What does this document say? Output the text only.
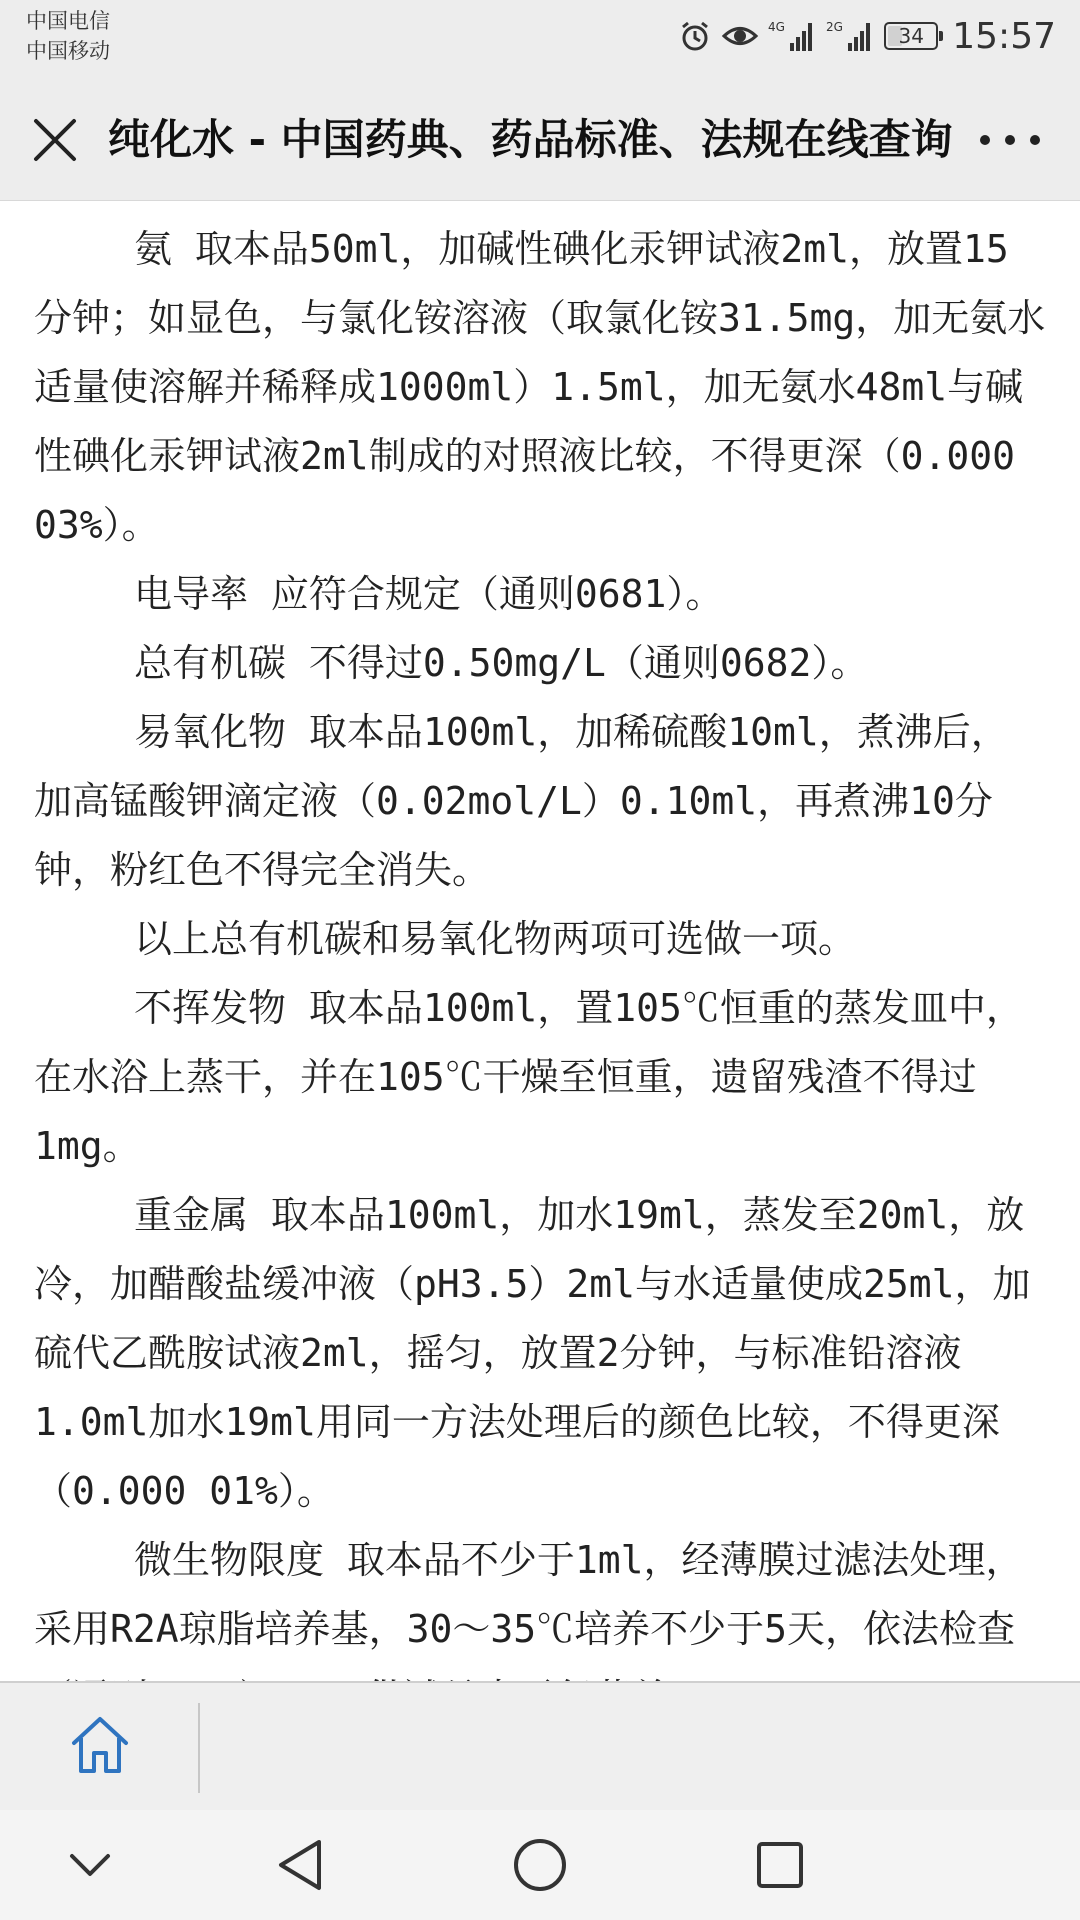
中国电信
中国移动
4G	2G	34 15:57
纯化水 - 中国药典、药品标准、法规在线查询

氨 取本品50ml，加碱性碘化汞钾试液2ml，放置15分钟；如显色，与氯化铵溶液（取氯化铵31.5mg，加无氨水适量使溶解并稀释成1000ml）1.5ml，加无氨水48ml与碱性碘化汞钾试液2ml制成的对照液比较，不得更深（0.000 03%）。

电导率 应符合规定（通则0681）。

总有机碳 不得过0.50mg/L（通则0682）。

易氧化物 取本品100ml，加稀硫酸10ml，煮沸后，加高锰酸钾滴定液（0.02mol/L）0.10ml，再煮沸10分钟，粉红色不得完全消失。

以上总有机碳和易氧化物两项可选做一项。

不挥发物 取本品100ml，置105℃恒重的蒸发皿中，在水浴上蒸干，并在105℃干燥至恒重，遗留残渣不得过1mg。

重金属 取本品100ml，加水19ml，蒸发至20ml，放冷，加醋酸盐缓冲液（pH3.5）2ml与水适量使成25ml，加硫代乙酰胺试液2ml，摇匀，放置2分钟，与标准铅溶液1.0ml加水19ml用同一方法处理后的颜色比较，不得更深（0.000 01%）。

微生物限度 取本品不少于1ml，经薄膜过滤法处理，采用R2A琼脂培养基，30～35℃培养不少于5天，依法检查
